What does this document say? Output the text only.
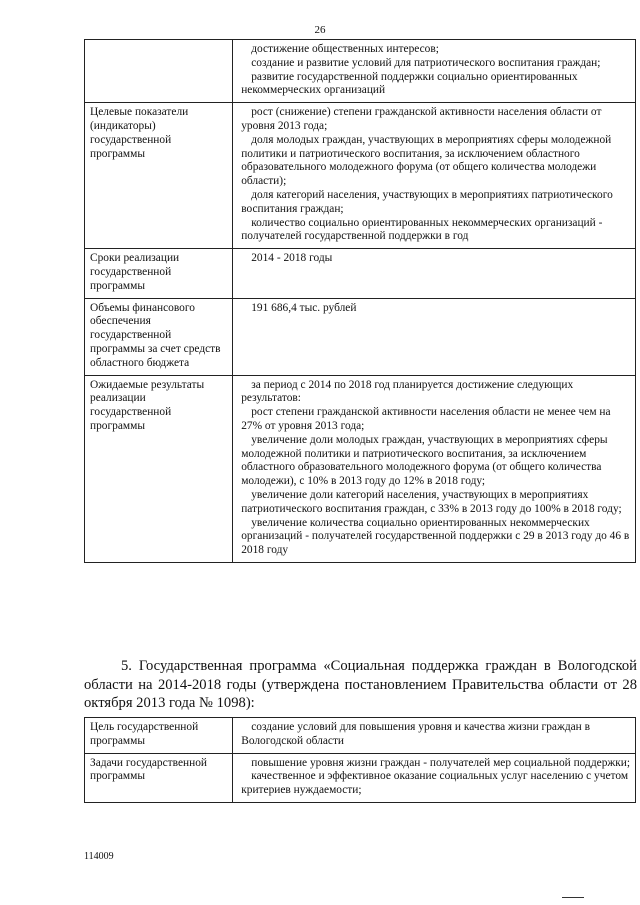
26

	достижение общественных интересов;
создание и развитие условий для патриотического воспитания граждан;
развитие государственной поддержки социально ориентированных некоммерческих организаций

Целевые показатели (индикаторы) государственной программы	рост (снижение) степени гражданской активности населения области от уровня 2013 года;
доля молодых граждан, участвующих в мероприятиях сферы молодежной политики и патриотического воспитания, за исключением областного образовательного молодежного форума (от общего количества молодежи области);
доля категорий населения, участвующих в мероприятиях патриотического воспитания граждан;
количество социально ориентированных некоммерческих организаций - получателей государственной поддержки в год

Сроки реализации государственной программы	2014 - 2018 годы

Объемы финансового обеспечения государственной программы за счет средств областного бюджета	191 686,4 тыс. рублей

Ожидаемые результаты реализации государственной программы	за период с 2014 по 2018 год планируется достижение следующих результатов:
рост степени гражданской активности населения области не менее чем на 27% от уровня 2013 года;
увеличение доли молодых граждан, участвующих в мероприятиях сферы молодежной политики и патриотического воспитания, за исключением областного образовательного молодежного форума (от общего количества молодежи), с 10% в 2013 году до 12% в 2018 году;
увеличение доли категорий населения, участвующих в мероприятиях патриотического воспитания граждан, с 33% в 2013 году до 100% в 2018 году;
увеличение количества социально ориентированных некоммерческих организаций - получателей государственной поддержки с 29 в 2013 году до 46 в 2018 году
5. Государственная программа «Социальная поддержка граждан в Вологодской области на 2014-2018 годы (утверждена постановлением Правительства области от 28 октября 2013 года № 1098):
Цель государственной программы	создание условий для повышения уровня и качества жизни граждан в Вологодской области

Задачи государственной программы	повышение уровня жизни граждан - получателей мер социальной поддержки;
качественное и эффективное оказание социальных услуг населению с учетом критериев нуждаемости;
114009
